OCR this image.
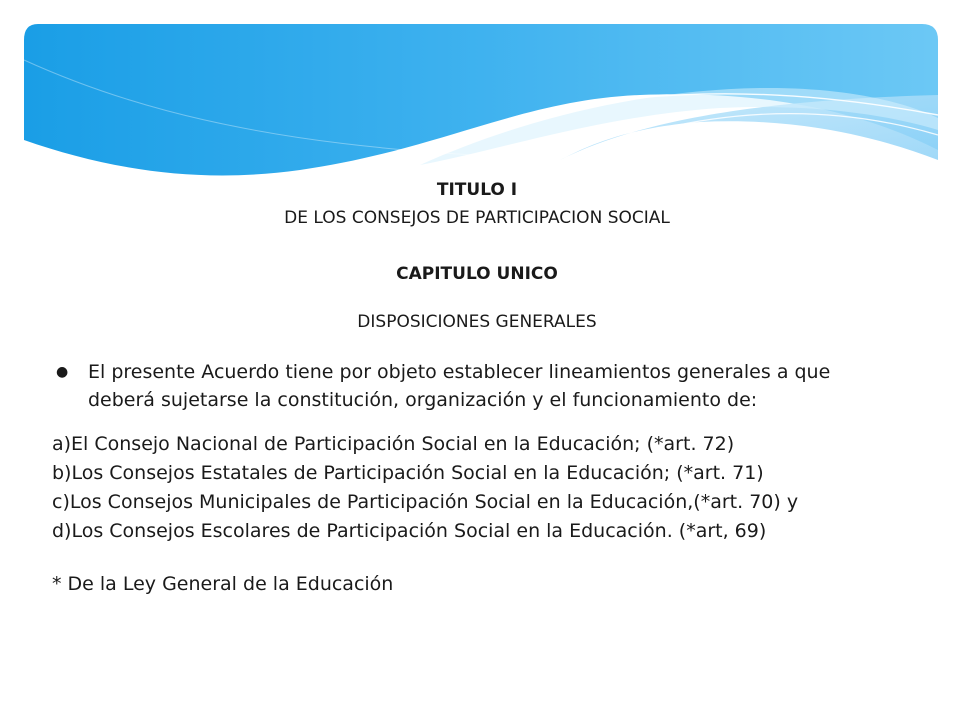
TITULO I

DE LOS CONSEJOS DE PARTICIPACION SOCIAL

CAPITULO UNICO

DISPOSICIONES GENERALES

●	El presente Acuerdo tiene por objeto establecer lineamientos generales a que deberá sujetarse la constitución, organización y el funcionamiento de:
a)El Consejo Nacional de Participación Social en la Educación; (*art. 72)
b)Los Consejos Estatales de Participación Social en la Educación; (*art. 71)
c)Los Consejos Municipales de Participación Social en la Educación,(*art. 70) y
d)Los Consejos Escolares de Participación Social en la Educación. (*art, 69)
* De la Ley General de la Educación
